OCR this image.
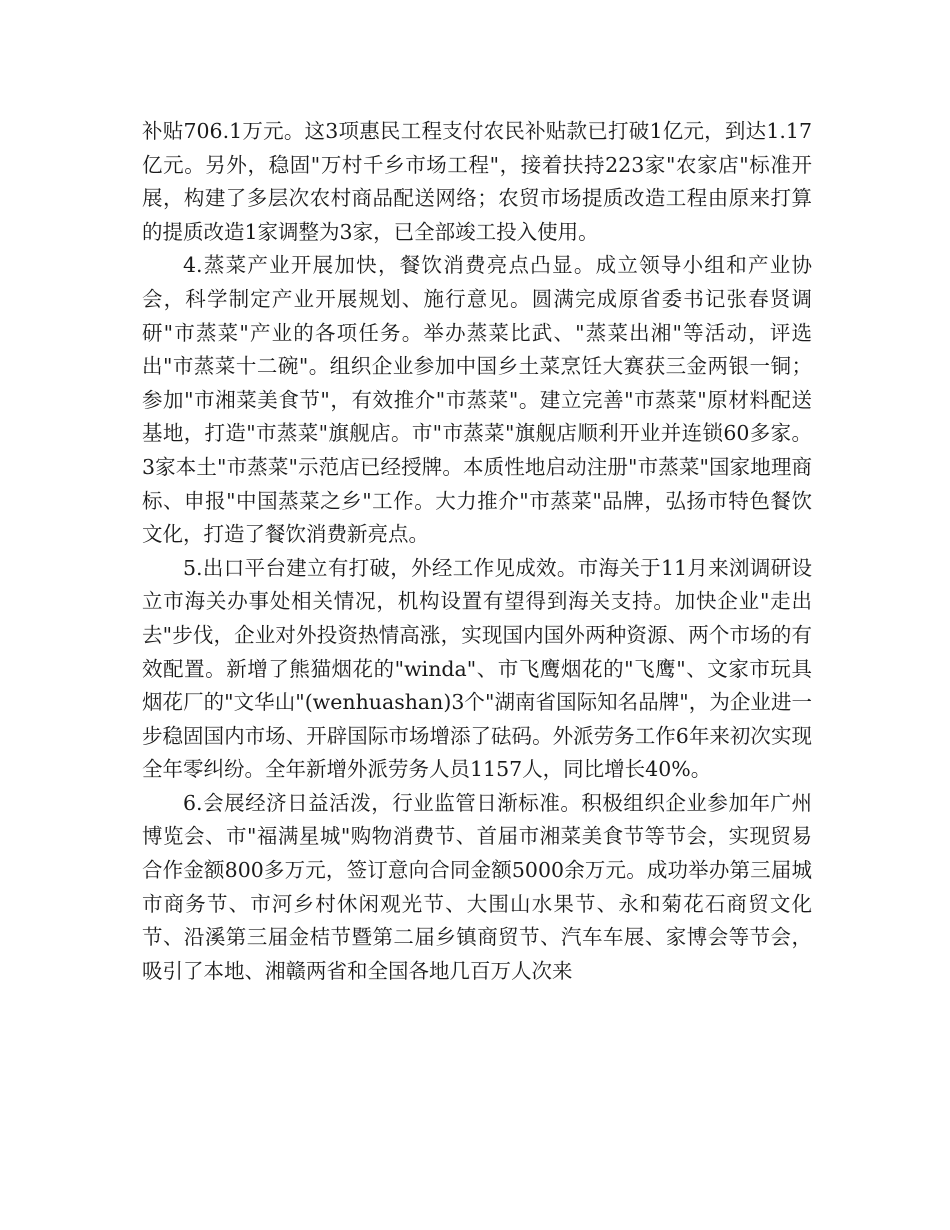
补贴706.1万元。这3项惠民工程支付农民补贴款已打破1亿元，到达1.17亿元。另外，稳固"万村千乡市场工程"，接着扶持223家"农家店"标准开展，构建了多层次农村商品配送网络；农贸市场提质改造工程由原来打算的提质改造1家调整为3家，已全部竣工投入使用。

4.蒸菜产业开展加快，餐饮消费亮点凸显。成立领导小组和产业协会，科学制定产业开展规划、施行意见。圆满完成原省委书记张春贤调研"市蒸菜"产业的各项任务。举办蒸菜比武、"蒸菜出湘"等活动，评选出"市蒸菜十二碗"。组织企业参加中国乡土菜烹饪大赛获三金两银一铜；参加"市湘菜美食节"，有效推介"市蒸菜"。建立完善"市蒸菜"原材料配送基地，打造"市蒸菜"旗舰店。市"市蒸菜"旗舰店顺利开业并连锁60多家。3家本土"市蒸菜"示范店已经授牌。本质性地启动注册"市蒸菜"国家地理商标、申报"中国蒸菜之乡"工作。大力推介"市蒸菜"品牌，弘扬市特色餐饮文化，打造了餐饮消费新亮点。

5.出口平台建立有打破，外经工作见成效。市海关于11月来浏调研设立市海关办事处相关情况，机构设置有望得到海关支持。加快企业"走出去"步伐，企业对外投资热情高涨，实现国内国外两种资源、两个市场的有效配置。新增了熊猫烟花的"winda"、市飞鹰烟花的"飞鹰"、文家市玩具烟花厂的"文华山"(wenhuashan)3个"湖南省国际知名品牌"，为企业进一步稳固国内市场、开辟国际市场增添了砝码。外派劳务工作6年来初次实现全年零纠纷。全年新增外派劳务人员1157人，同比增长40%。

6.会展经济日益活泼，行业监管日渐标准。积极组织企业参加年广州博览会、市"福满星城"购物消费节、首届市湘菜美食节等节会，实现贸易合作金额800多万元，签订意向合同金额5000余万元。成功举办第三届城市商务节、市河乡村休闲观光节、大围山水果节、永和菊花石商贸文化节、沿溪第三届金桔节暨第二届乡镇商贸节、汽车车展、家博会等节会，吸引了本地、湘赣两省和全国各地几百万人次来
